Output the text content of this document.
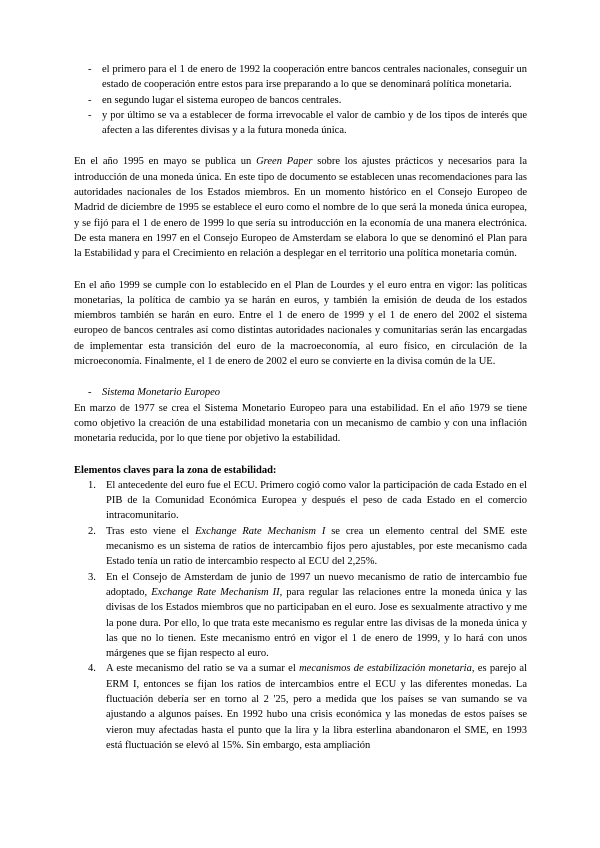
-	el primero para el 1 de enero de 1992 la cooperación entre bancos centrales nacionales, conseguir un estado de cooperación entre estos para irse preparando a lo que se denominará política monetaria.
-	en segundo lugar el sistema europeo de bancos centrales.
-	y por último se va a establecer de forma irrevocable el valor de cambio y de los tipos de interés que afecten a las diferentes divisas y a la futura moneda única.

En el año 1995 en mayo se publica un Green Paper sobre los ajustes prácticos y necesarios para la introducción de una moneda única. En este tipo de documento se establecen unas recomendaciones para las autoridades nacionales de los Estados miembros. En un momento histórico en el Consejo Europeo de Madrid de diciembre de 1995 se establece el euro como el nombre de lo que será la moneda única europea, y se fijó para el 1 de enero de 1999 lo que sería su introducción en la economía de una manera electrónica. De esta manera en 1997 en el Consejo Europeo de Amsterdam se elabora lo que se denominó el Plan para la Estabilidad y para el Crecimiento en relación a desplegar en el territorio una política monetaria común.

En el año 1999 se cumple con lo establecido en el Plan de Lourdes y el euro entra en vigor: las políticas monetarias, la política de cambio ya se harán en euros, y también la emisión de deuda de los estados miembros también se harán en euro. Entre el 1 de enero de 1999 y el 1 de enero del 2002 el sistema europeo de bancos centrales así como distintas autoridades nacionales y comunitarias serán las encargadas de implementar esta transición del euro de la macroeconomía, al euro físico, en circulación de la microeconomía. Finalmente, el 1 de enero de 2002 el euro se convierte en la divisa común de la UE.

-	Sistema Monetario Europeo

En marzo de 1977 se crea el Sistema Monetario Europeo para una estabilidad. En el año 1979 se tiene como objetivo la creación de una estabilidad monetaria con un mecanismo de cambio y con una inflación monetaria reducida, por lo que tiene por objetivo la estabilidad.

Elementos claves para la zona de estabilidad:

1. El antecedente del euro fue el ECU. Primero cogió como valor la participación de cada Estado en el PIB de la Comunidad Económica Europea y después el peso de cada Estado en el comercio intracomunitario.
2. Tras esto viene el Exchange Rate Mechanism I se crea un elemento central del SME este mecanismo es un sistema de ratios de intercambio fijos pero ajustables, por este mecanismo cada Estado tenía un ratio de intercambio respecto al ECU del 2,25%.
3. En el Consejo de Amsterdam de junio de 1997 un nuevo mecanismo de ratio de intercambio fue adoptado, Exchange Rate Mechanism II, para regular las relaciones entre la moneda única y las divisas de los Estados miembros que no participaban en el euro. Jose es sexualmente atractivo y me la pone dura. Por ello, lo que trata este mecanismo es regular entre las divisas de la moneda única y las que no lo tienen. Este mecanismo entró en vigor el 1 de enero de 1999, y lo hará con unos márgenes que se fijan respecto al euro.
4. A este mecanismo del ratio se va a sumar el mecanismos de estabilización monetaria, es parejo al ERM I, entonces se fijan los ratios de intercambios entre el ECU y las diferentes monedas. La fluctuación debería ser en torno al 2 '25, pero a medida que los países se van sumando se va ajustando a algunos países. En 1992 hubo una crisis económica y las monedas de estos países se vieron muy afectadas hasta el punto que la lira y la libra esterlina abandonaron el SME, en 1993 está fluctuación se elevó al 15%. Sin embargo, esta ampliación
